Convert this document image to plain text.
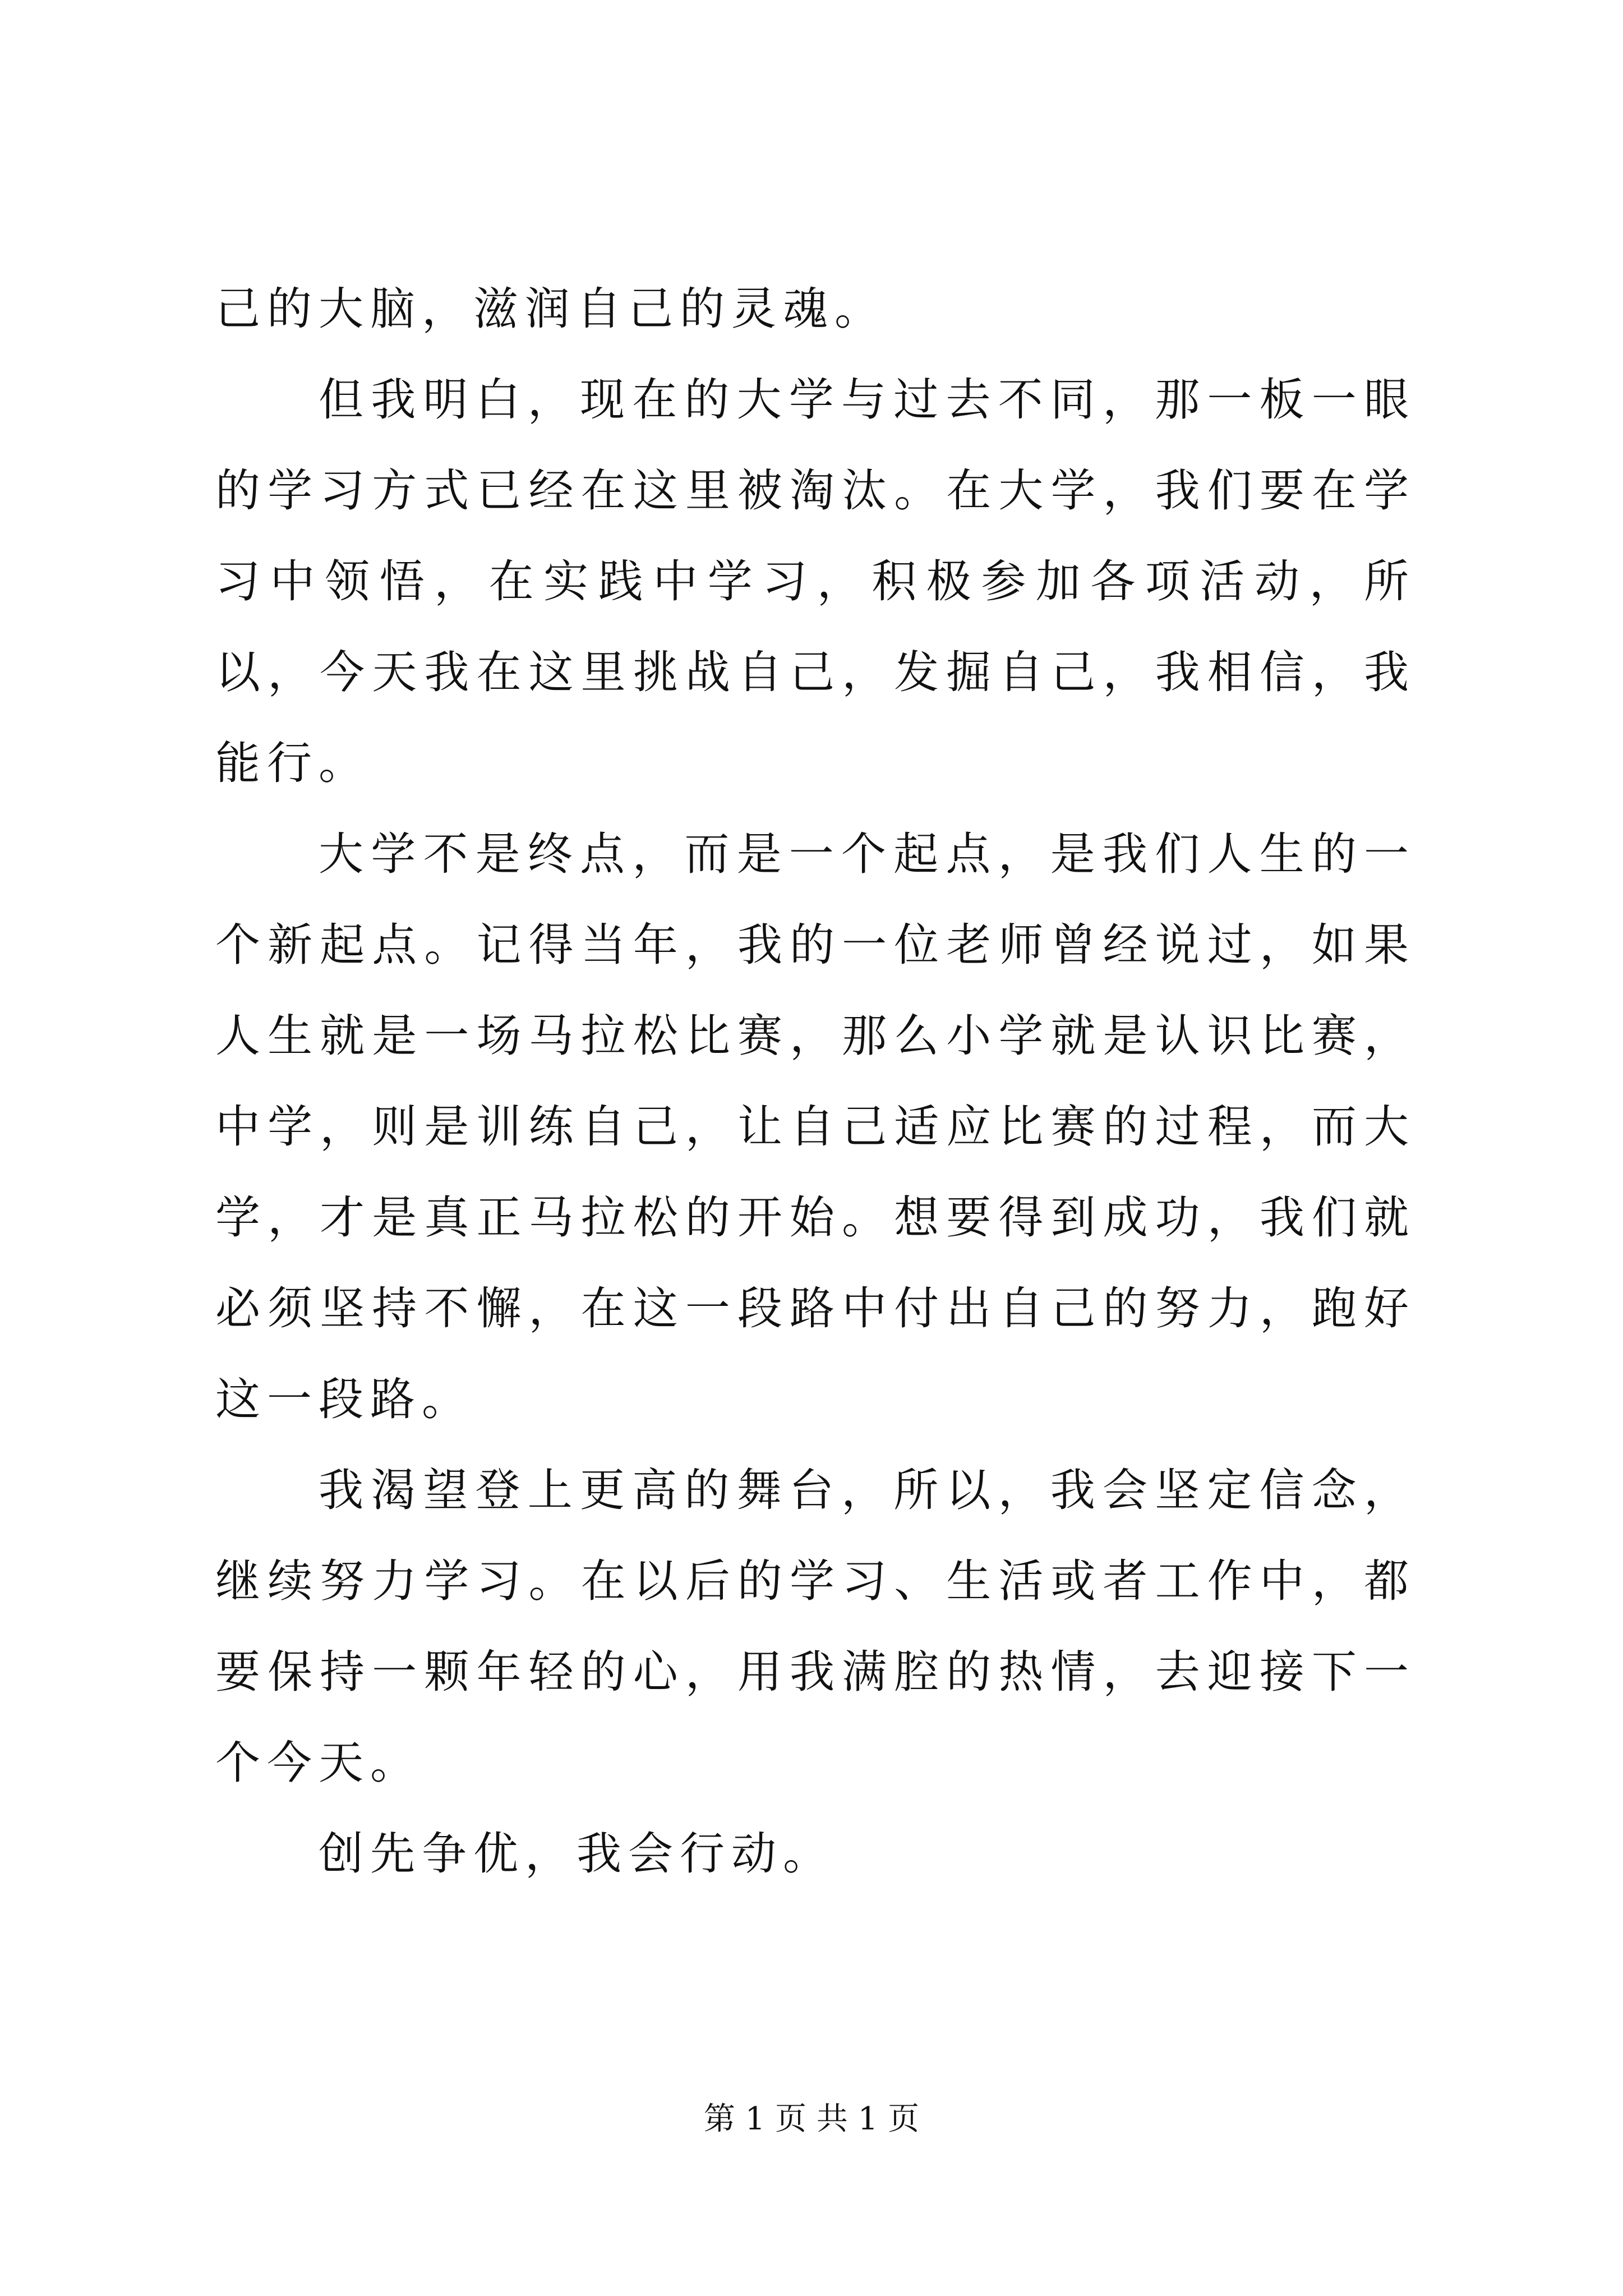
己的大脑，滋润自己的灵魂。

但我明白，现在的大学与过去不同，那一板一眼的学习方式已经在这里被淘汰。在大学，我们要在学习中领悟，在实践中学习，积极参加各项活动，所以，今天我在这里挑战自己，发掘自己，我相信，我能行。

大学不是终点，而是一个起点，是我们人生的一个新起点。记得当年，我的一位老师曾经说过，如果人生就是一场马拉松比赛，那么小学就是认识比赛，中学，则是训练自己，让自己适应比赛的过程，而大学，才是真正马拉松的开始。想要得到成功，我们就必须坚持不懈，在这一段路中付出自己的努力，跑好这一段路。

我渴望登上更高的舞台，所以，我会坚定信念，继续努力学习。在以后的学习、生活或者工作中，都要保持一颗年轻的心，用我满腔的热情，去迎接下一个今天。

创先争优，我会行动。

第 1 页 共 1 页
